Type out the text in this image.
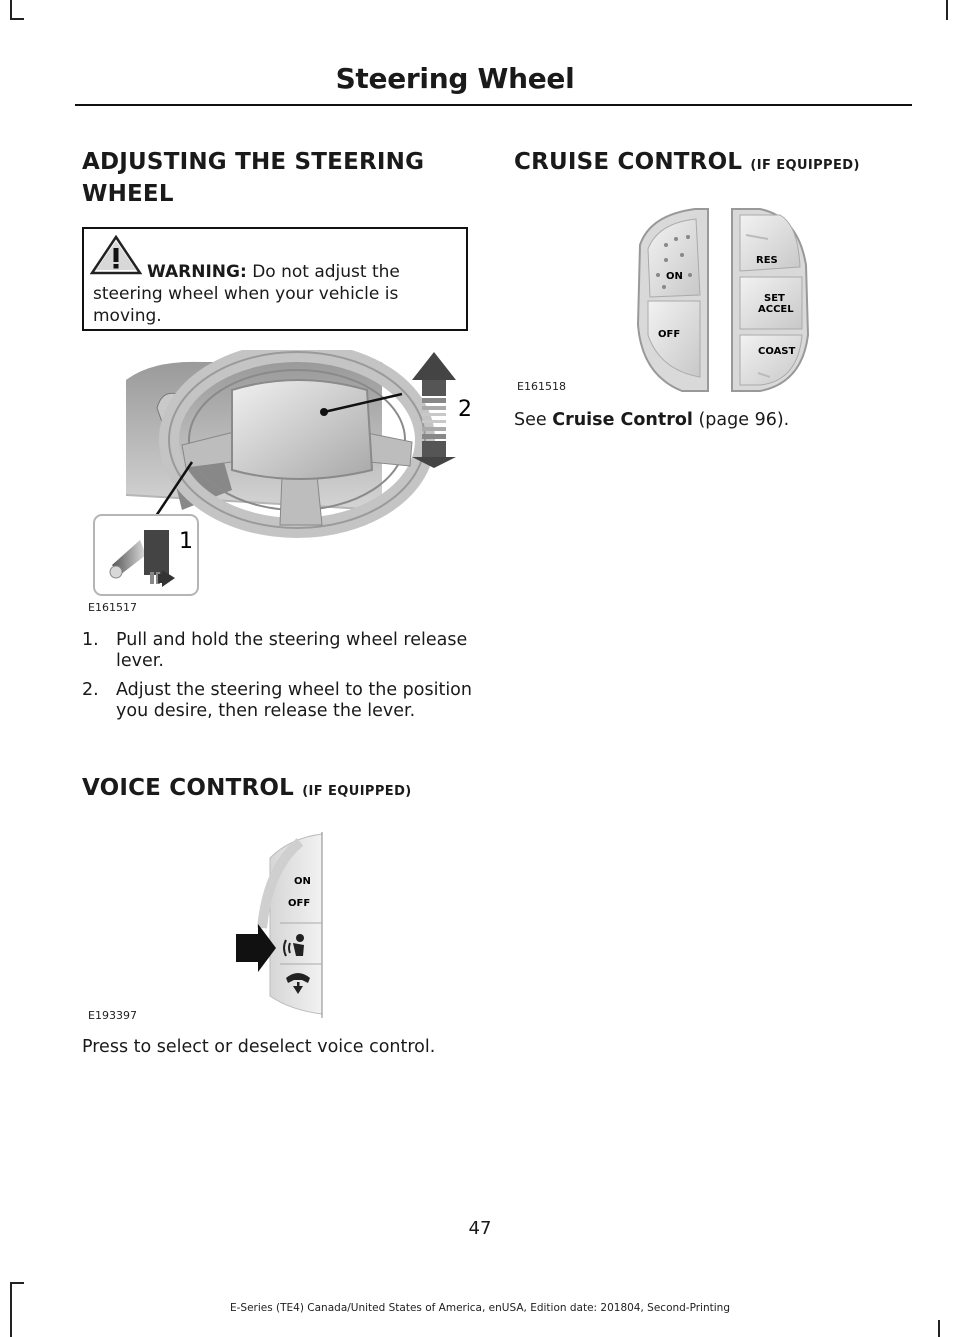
Steering Wheel
ADJUSTING THE STEERING WHEEL
WARNING: Do not adjust the steering wheel when your vehicle is moving.
2
1
E161517
1. Pull and hold the steering wheel release lever.
2. Adjust the steering wheel to the position you desire, then release the lever.
VOICE CONTROL (IF EQUIPPED)
ON
OFF
E193397
Press to select or deselect voice control.
CRUISE CONTROL (IF EQUIPPED)
ON
OFF
RES
SET
ACCEL
COAST
E161518
See Cruise Control (page 96).
47
E-Series (TE4) Canada/United States of America, enUSA, Edition date: 201804, Second-Printing
